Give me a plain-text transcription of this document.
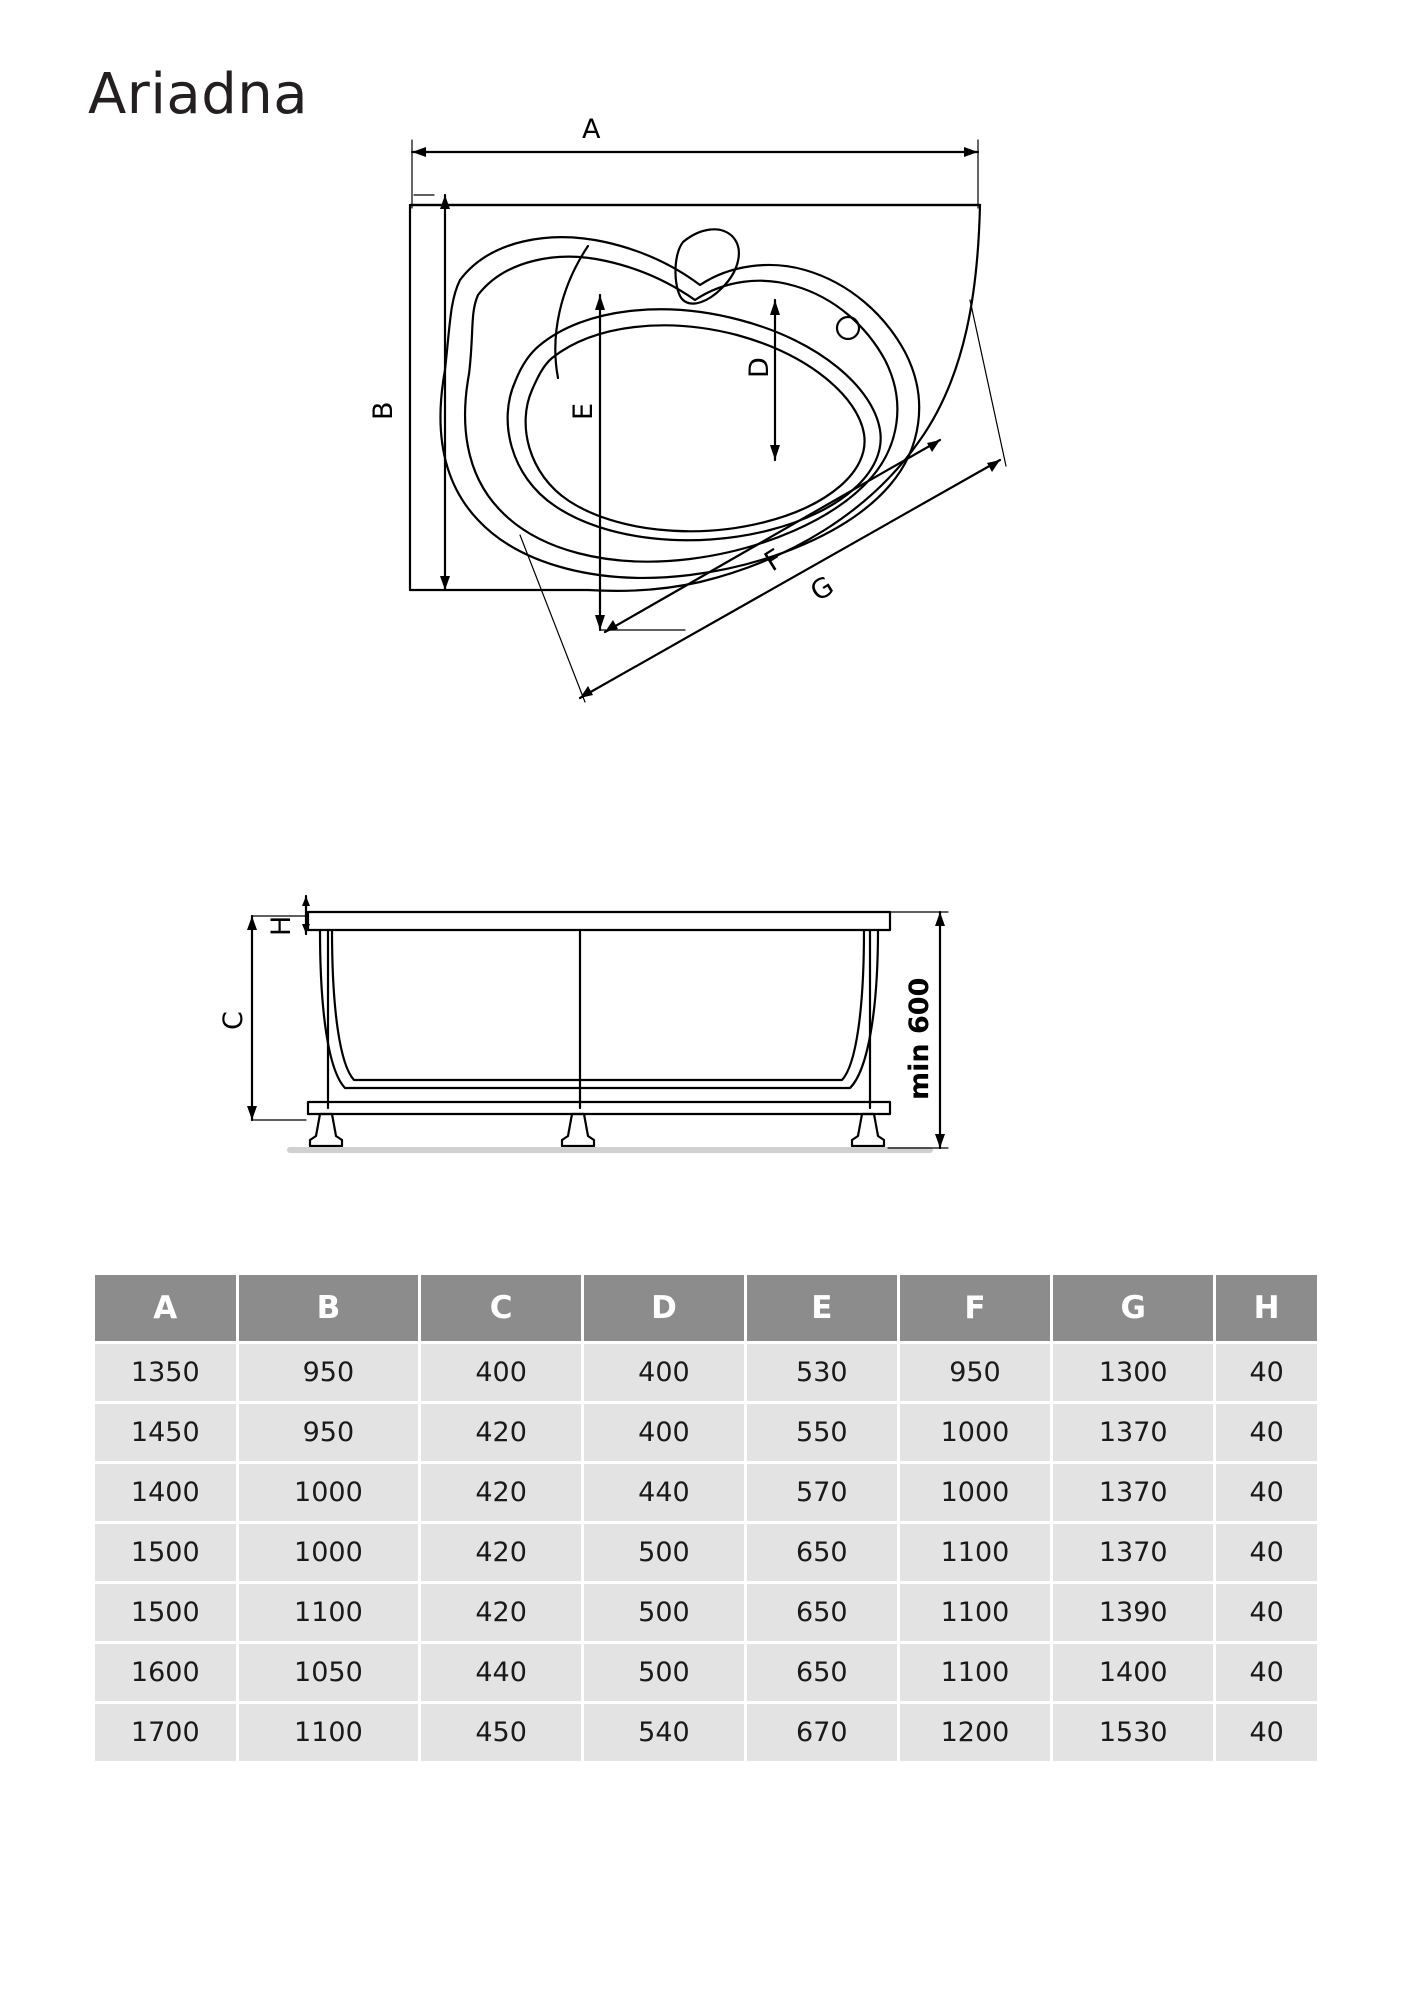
Ariadna
A
B	E
D
F
G
C
H
min 600
A	B	C	D	E	F	G	H
1350	950	400	400	530	950	1300	40
1450	950	420	400	550	1000	1370	40
1400	1000	420	440	570	1000	1370	40
1500	1000	420	500	650	1100	1370	40
1500	1100	420	500	650	1100	1390	40
1600	1050	440	500	650	1100	1400	40
1700	1100	450	540	670	1200	1530	40
